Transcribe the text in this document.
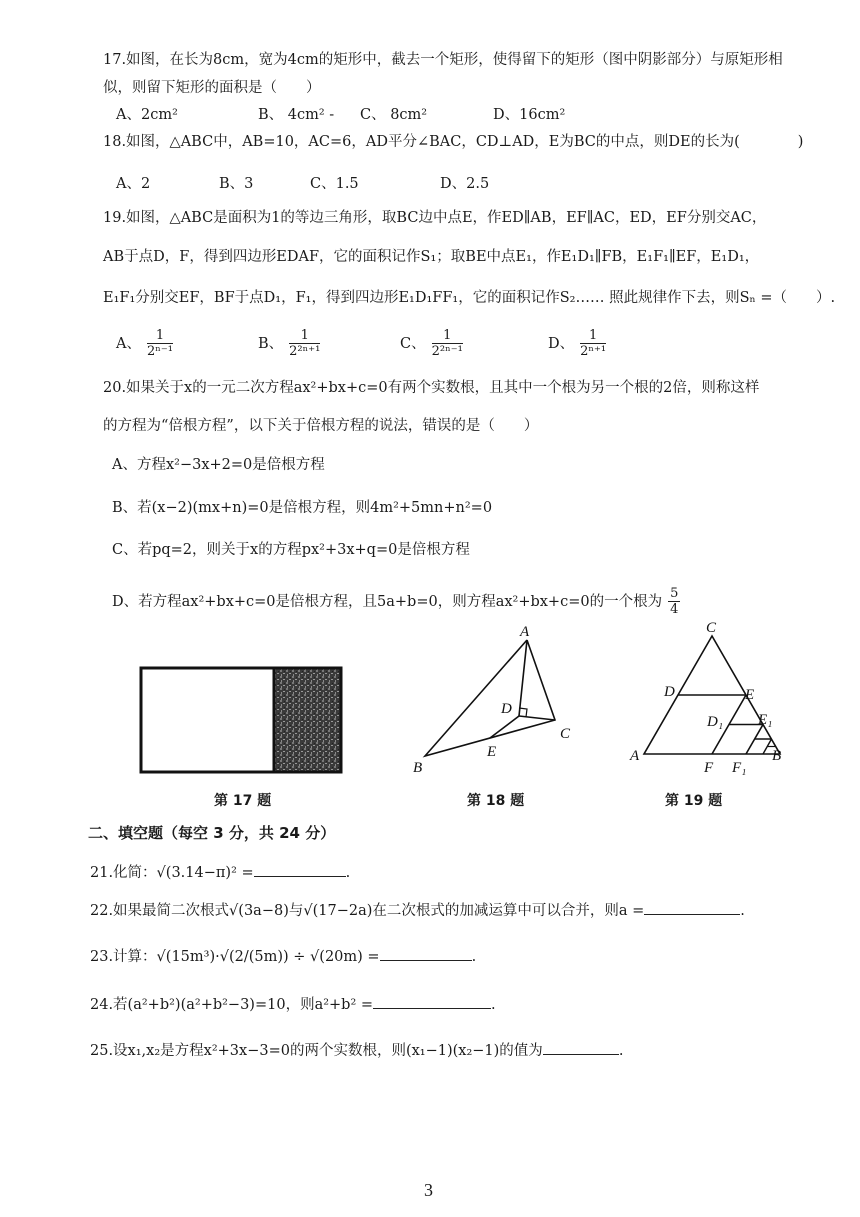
17.如图，在长为8cm，宽为4cm的矩形中，截去一个矩形，使得留下的矩形（图中阴影部分）与原矩形相
似，则留下矩形的面积是（　　）
A、2cm²	B、 4cm² - C、 8cm²	D、16cm²
18.如图，△ABC中，AB=10，AC=6，AD平分∠BAC，CD⊥AD，E为BC的中点，则DE的长为(　　　　)
A、2	B、3	C、1.5	D、2.5
19.如图，△ABC是面积为1的等边三角形，取BC边中点E，作ED∥AB，EF∥AC，ED，EF分别交AC，
AB于点D，F，得到四边形EDAF，它的面积记作S₁；取BE中点E₁，作E₁D₁∥FB，E₁F₁∥EF，E₁D₁，
E₁F₁分别交EF，BF于点D₁，F₁，得到四边形E₁D₁FF₁，它的面积记作S₂…… 照此规律作下去，则Sₙ =（　　）.
A、 $\frac{1}{\text{2ⁿ⁻¹}}$	B、 $\frac{1}{\text{2²ⁿ⁺¹}}$	C、 $\frac{1}{\text{2²ⁿ⁻¹}}$	D、 $\frac{1}{\text{2ⁿ⁺¹}}$
20.如果关于x的一元二次方程ax²+bx+c=0有两个实数根，且其中一个根为另一个根的2倍，则称这样
的方程为“倍根方程”，以下关于倍根方程的说法，错误的是（　　）
A、方程x²−3x+2=0是倍根方程
B、若(x−2)(mx+n)=0是倍根方程，则4m²+5mn+n²=0
C、若pq=2，则关于x的方程px²+3x+q=0是倍根方程
D、若方程ax²+bx+c=0是倍根方程，且5a+b=0，则方程ax²+bx+c=0的一个根为 $\frac{5}{4}$
A
B
C
D
E
C
D	E
D₁ E₁
A	B
F F₁
第 17 题	第 18 题	第 19 题
二、填空题（每空 3 分，共 24 分）
21.化简：√(3.14−π)² =	.
22.如果最简二次根式√(3a−8)与√(17−2a)在二次根式的加减运算中可以合并，则a =	.
23.计算：√(15m³)·√(2/(5m)) ÷ √(20m) =	.
24.若(a²+b²)(a²+b²−3)=10，则a²+b² =	.
25.设x₁,x₂是方程x²+3x−3=0的两个实数根，则(x₁−1)(x₂−1)的值为	.
3
